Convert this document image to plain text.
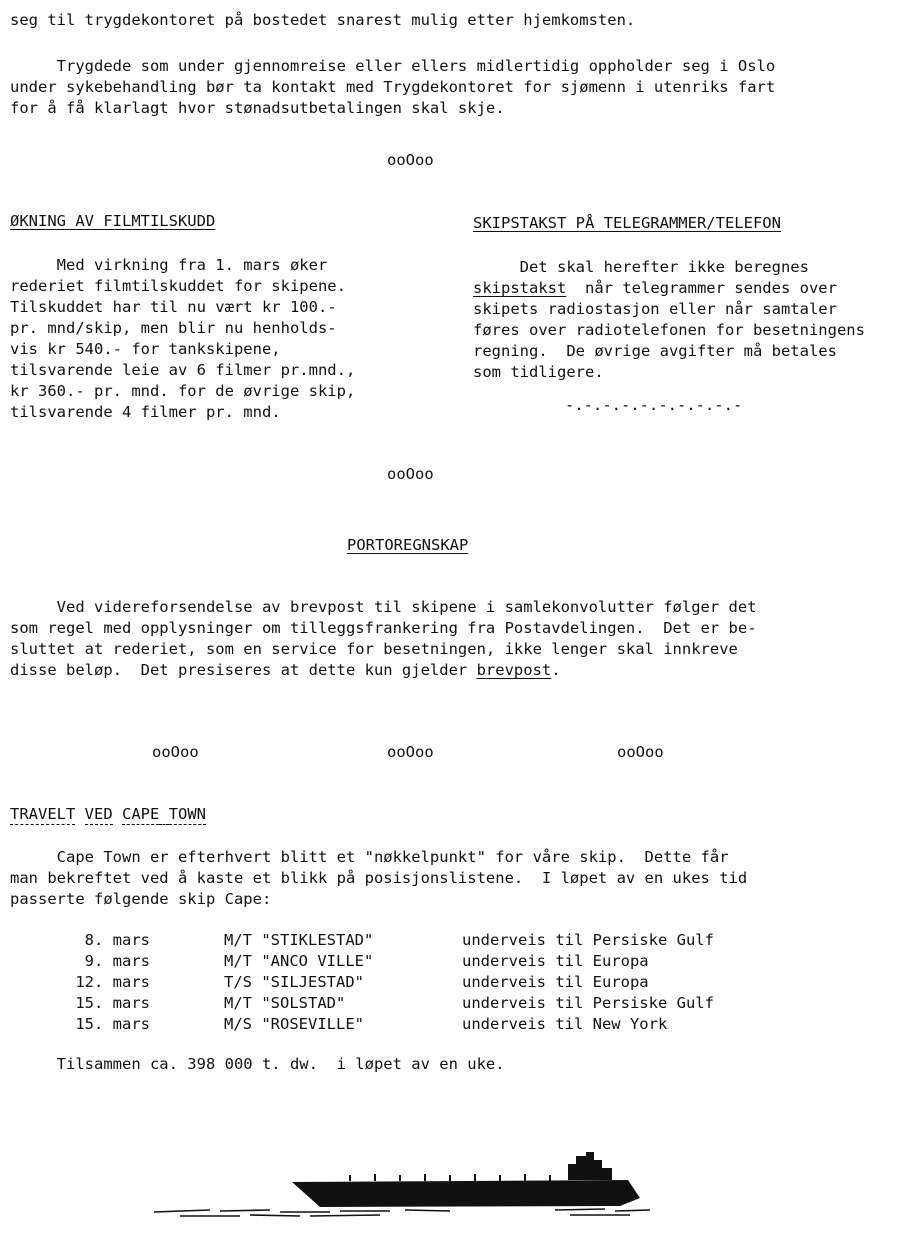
seg til trygdekontoret på bostedet snarest mulig etter hjemkomsten.
Trygdede som under gjennomreise eller ellers midlertidig oppholder seg i Oslo
under sykebehandling bør ta kontakt med Trygdekontoret for sjømenn i utenriks fart
for å få klarlagt hvor stønadsutbetalingen skal skje.
ooOoo
ØKNING AV FILMTILSKUDD
Med virkning fra 1. mars øker
rederiet filmtilskuddet for skipene.
Tilskuddet har til nu vært kr 100.-
pr. mnd/skip, men blir nu henholds-
vis kr 540.- for tankskipene,
tilsvarende leie av 6 filmer pr.mnd.,
kr 360.- pr. mnd. for de øvrige skip,
tilsvarende 4 filmer pr. mnd.
SKIPSTAKST PÅ TELEGRAMMER/TELEFON
Det skal herefter ikke beregnes
skipstakst  når telegrammer sendes over
skipets radiostasjon eller når samtaler
føres over radiotelefonen for besetningens
regning.  De øvrige avgifter må betales
som tidligere.
-.-.-.-.-.-.-.-.-.-
ooOoo
PORTOREGNSKAP
Ved videreforsendelse av brevpost til skipene i samlekonvolutter følger det
som regel med opplysninger om tilleggsfrankering fra Postavdelingen.  Det er be-
sluttet at rederiet, som en service for besetningen, ikke lenger skal innkreve
disse beløp.  Det presiseres at dette kun gjelder brevpost.
ooOoo	ooOoo	ooOoo
TRAVELT VED CAPE TOWN
Cape Town er efterhvert blitt et "nøkkelpunkt" for våre skip.  Dette får
man bekreftet ved å kaste et blikk på posisjonslistene.  I løpet av en ukes tid
passerte følgende skip Cape:
8. mars	M/T "STIKLESTAD"	underveis til Persiske Gulf
9. mars	M/T "ANCO VILLE"	underveis til Europa
12. mars	T/S "SILJESTAD"	underveis til Europa
15. mars	M/T "SOLSTAD"	underveis til Persiske Gulf
15. mars	M/S "ROSEVILLE"	underveis til New York
Tilsammen ca. 398 000 t. dw.  i løpet av en uke.
